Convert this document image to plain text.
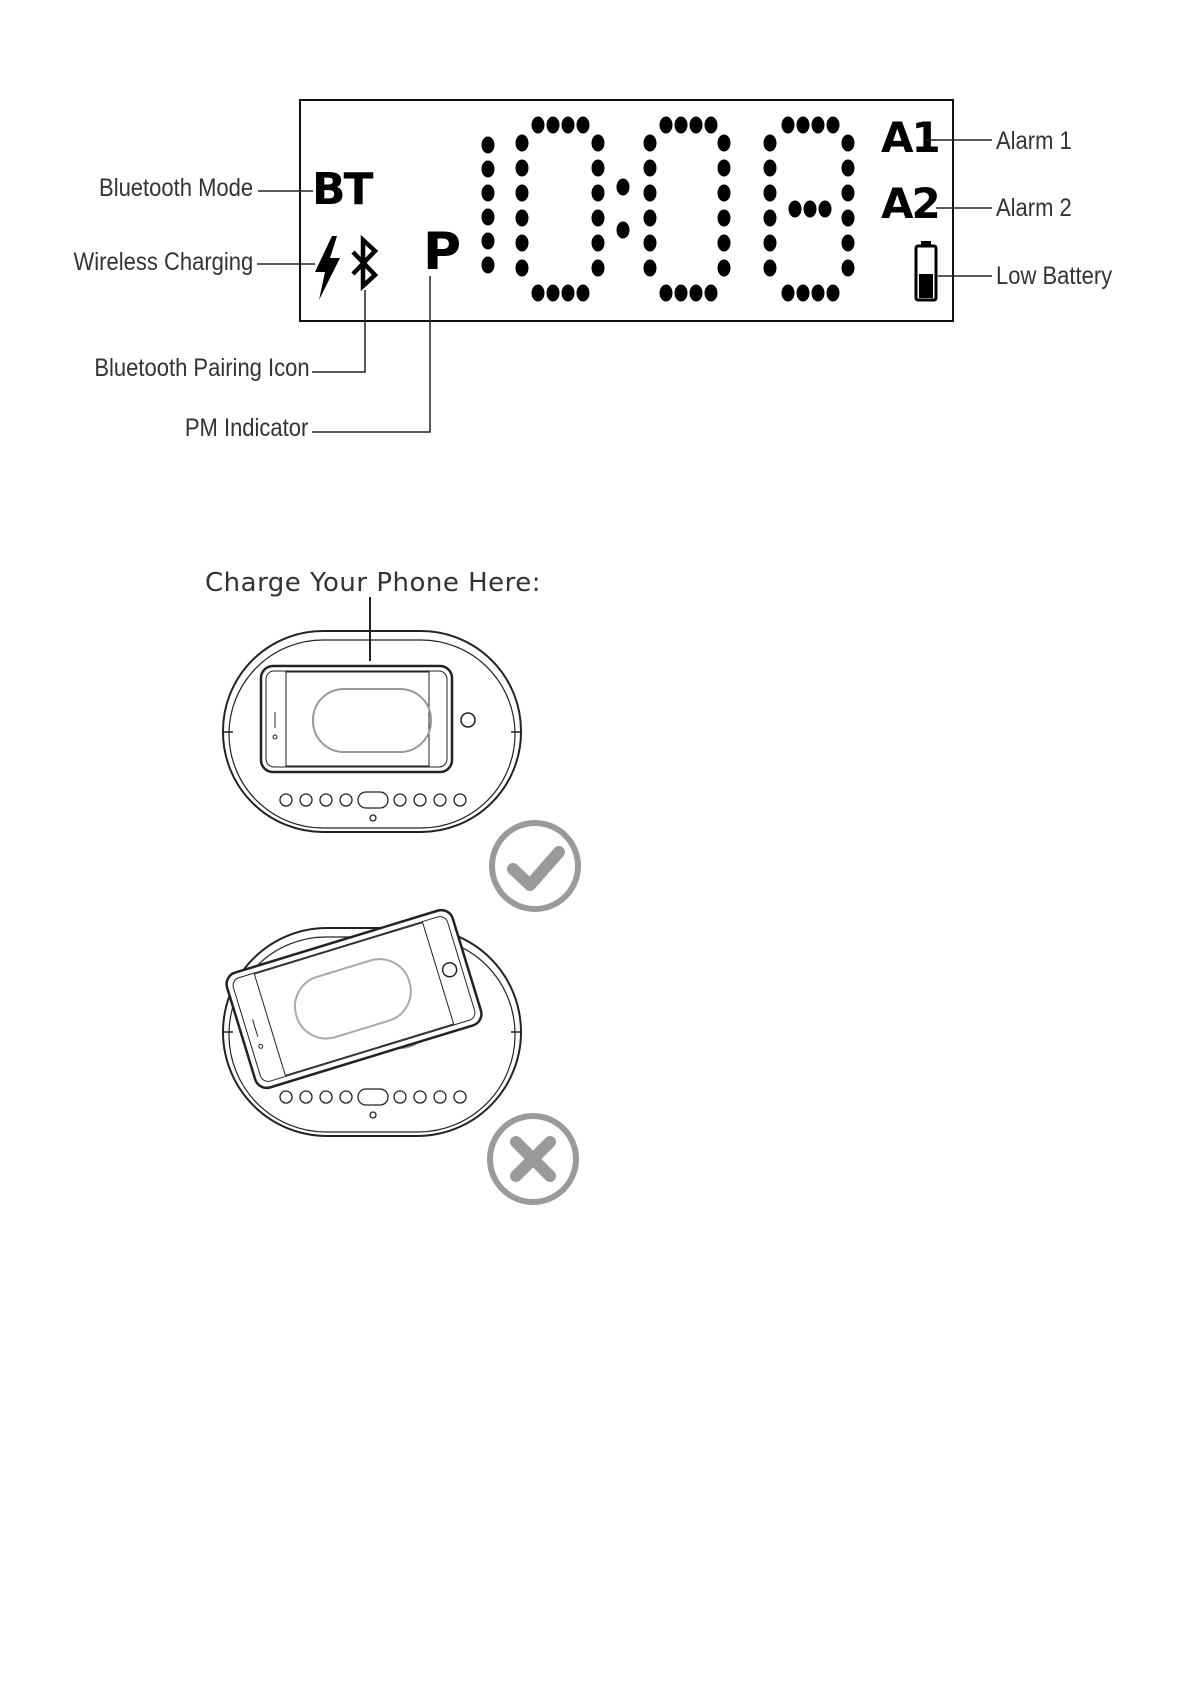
Bluetooth Mode
Wireless Charging
Bluetooth Pairing Icon
PM Indicator
Alarm 1
Alarm 2
Low Battery
BT
P
A1
A2
Charge Your Phone Here:
